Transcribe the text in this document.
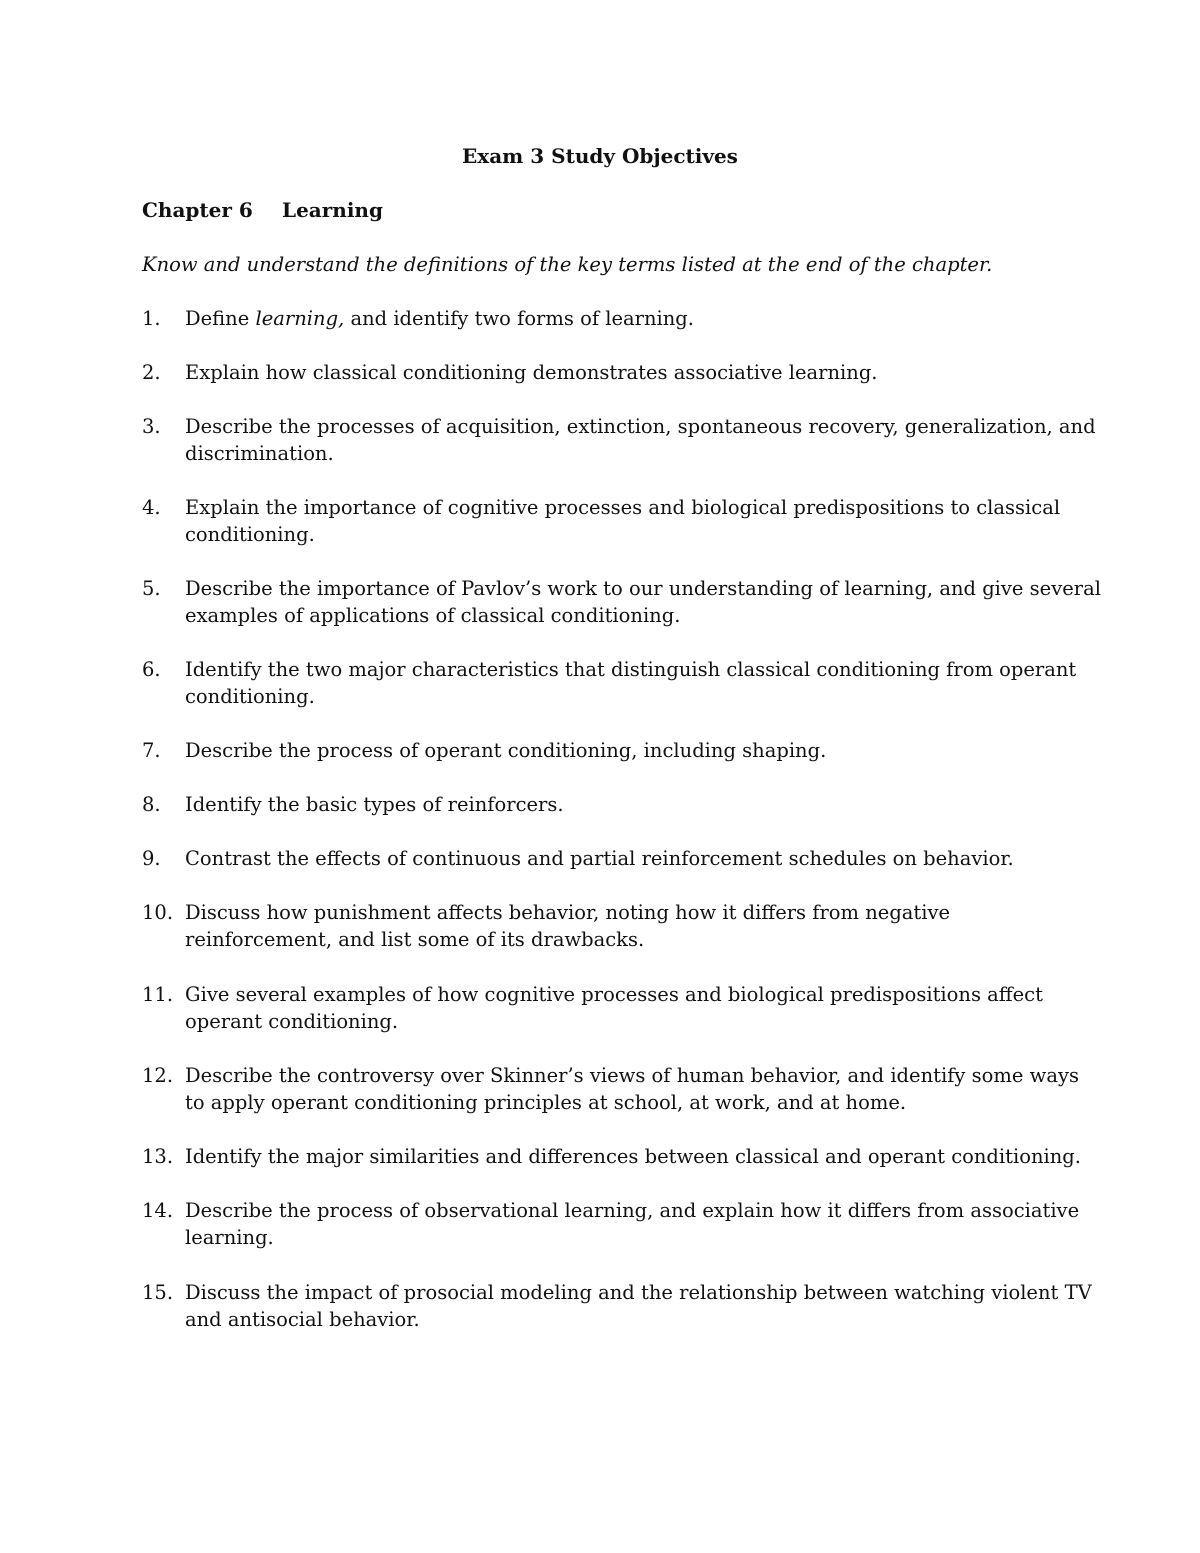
Exam 3 Study Objectives
Chapter 6 Learning
Know and understand the definitions of the key terms listed at the end of the chapter.
1. Define learning, and identify two forms of learning.
2. Explain how classical conditioning demonstrates associative learning.
3. Describe the processes of acquisition, extinction, spontaneous recovery, generalization, and
discrimination.
4. Explain the importance of cognitive processes and biological predispositions to classical
conditioning.
5. Describe the importance of Pavlov’s work to our understanding of learning, and give several
examples of applications of classical conditioning.
6. Identify the two major characteristics that distinguish classical conditioning from operant
conditioning.
7. Describe the process of operant conditioning, including shaping.
8. Identify the basic types of reinforcers.
9. Contrast the effects of continuous and partial reinforcement schedules on behavior.
10. Discuss how punishment affects behavior, noting how it differs from negative
reinforcement, and list some of its drawbacks.
11. Give several examples of how cognitive processes and biological predispositions affect
operant conditioning.
12. Describe the controversy over Skinner’s views of human behavior, and identify some ways
to apply operant conditioning principles at school, at work, and at home.
13. Identify the major similarities and differences between classical and operant conditioning.
14. Describe the process of observational learning, and explain how it differs from associative
learning.
15. Discuss the impact of prosocial modeling and the relationship between watching violent TV
and antisocial behavior.
